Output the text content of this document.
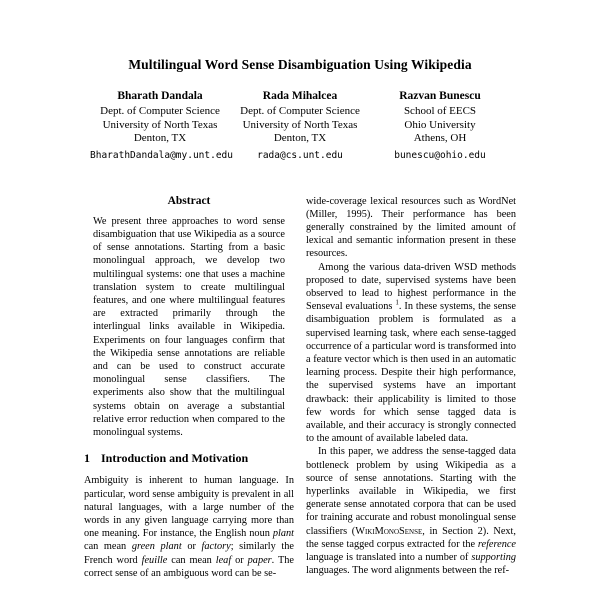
Multilingual Word Sense Disambiguation Using Wikipedia
Bharath Dandala
Dept. of Computer Science
University of North Texas
Denton, TX
BharathDandala@my.unt.edu
Rada Mihalcea
Dept. of Computer Science
University of North Texas
Denton, TX
rada@cs.unt.edu
Razvan Bunescu
School of EECS
Ohio University
Athens, OH
bunescu@ohio.edu
Abstract

We present three approaches to word sense disambiguation that use Wikipedia as a source of sense annotations. Starting from a basic monolingual approach, we develop two multilingual systems: one that uses a machine translation system to create multilingual features, and one where multilingual features are extracted primarily through the interlingual links available in Wikipedia. Experiments on four languages confirm that the Wikipedia sense annotations are reliable and can be used to construct accurate monolingual sense classifiers. The experiments also show that the multilingual systems obtain on average a substantial relative error reduction when compared to the monolingual systems.

1 Introduction and Motivation

Ambiguity is inherent to human language. In particular, word sense ambiguity is prevalent in all natural languages, with a large number of the words in any given language carrying more than one meaning. For instance, the English noun plant can mean green plant or factory; similarly the French word feuille can mean leaf or paper. The correct sense of an ambiguous word can be se-

wide-coverage lexical resources such as WordNet (Miller, 1995). Their performance has been generally constrained by the limited amount of lexical and semantic information present in these resources.

Among the various data-driven WSD methods proposed to date, supervised systems have been observed to lead to highest performance in the Senseval evaluations $^1$. In these systems, the sense disambiguation problem is formulated as a supervised learning task, where each sense-tagged occurrence of a particular word is transformed into a feature vector which is then used in an automatic learning process. Despite their high performance, the supervised systems have an important drawback: their applicability is limited to those few words for which sense tagged data is available, and their accuracy is strongly connected to the amount of available labeled data.

In this paper, we address the sense-tagged data bottleneck problem by using Wikipedia as a source of sense annotations. Starting with the hyperlinks available in Wikipedia, we first generate sense annotated corpora that can be used for training accurate and robust monolingual sense classifiers (WikiMonoSense, in Section 2). Next, the sense tagged corpus extracted for the reference language is translated into a number of supporting languages. The word alignments between the ref-
